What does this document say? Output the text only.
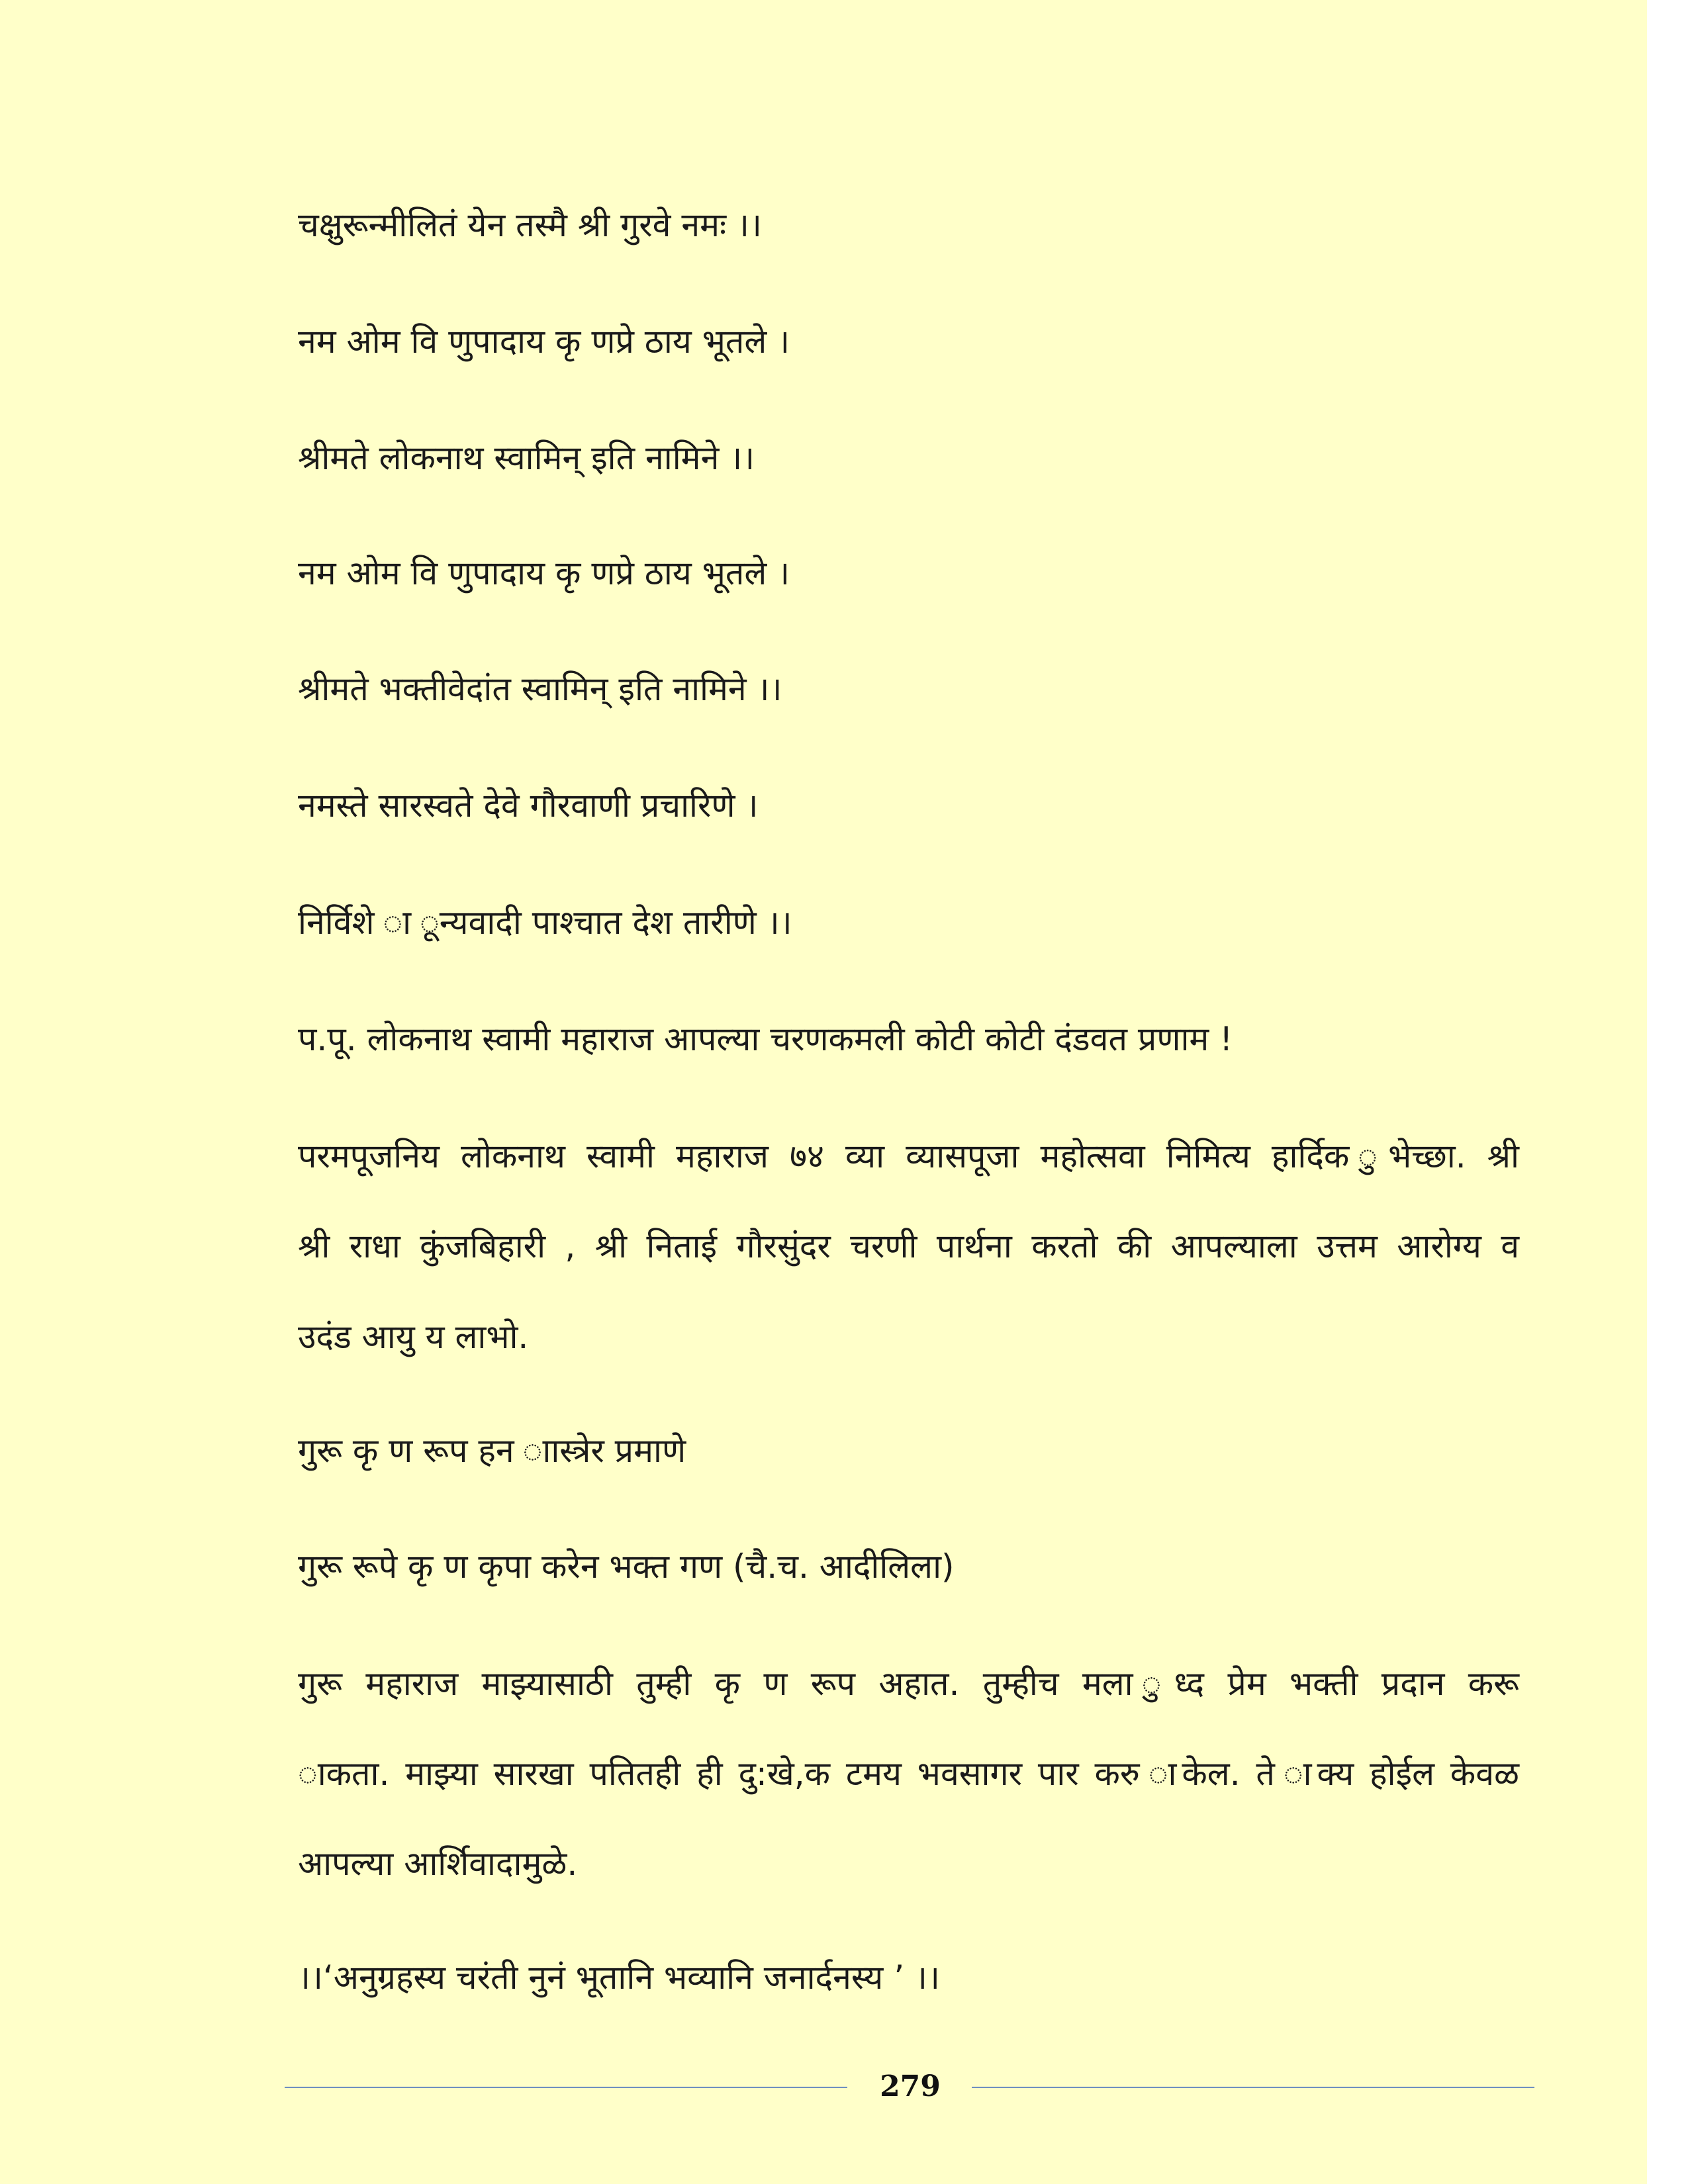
चक्षुरून्मीलितं येन तस्मै श्री गुरवे नमः ।।

नम ओम वि णुपादाय कृ णप्रे ठाय भूतले ।

श्रीमते लोकनाथ स्वामिन् इति नामिने ।।

नम ओम वि णुपादाय कृ णप्रे ठाय भूतले ।

श्रीमते भक्तीवेदांत स्वामिन् इति नामिने ।।

नमस्ते सारस्वते देवे गौरवाणी प्रचारिणे ।

निर्विशे ा ून्यवादी पाश्चात देश तारीणे ।।

प.पू. लोकनाथ स्वामी महाराज आपल्या चरणकमली कोटी कोटी दंडवत प्रणाम !

परमपूजनिय लोकनाथ स्वामी महाराज ७४ व्या व्यासपूजा महोत्सवा निमित्य हार्दिक ुभेच्छा. श्री

श्री राधा कुंजबिहारी , श्री निताई गौरसुंदर चरणी पार्थना करतो की आपल्याला उत्तम आरोग्य व

उदंड आयु य लाभो.

गुरू कृ ण रूप हन ाास्त्रेर प्रमाणे

गुरू रूपे कृ ण कृपा करेन भक्त गण (चै.च. आदीलिला)

गुरू महाराज माझ्यासाठी तुम्ही कृ ण रूप अहात. तुम्हीच मला ुध्द प्रेम भक्ती प्रदान करू

ाकता. माझ्या सारखा पतितही ही दु:खे,क टमय भवसागर पार करु ाकेल. ते ाक्य होईल केवळ

आपल्या आर्शिवादामुळे.

।।‘अनुग्रहस्य चरंती नुनं भूतानि भव्यानि जनार्दनस्य ’ ।।

279
